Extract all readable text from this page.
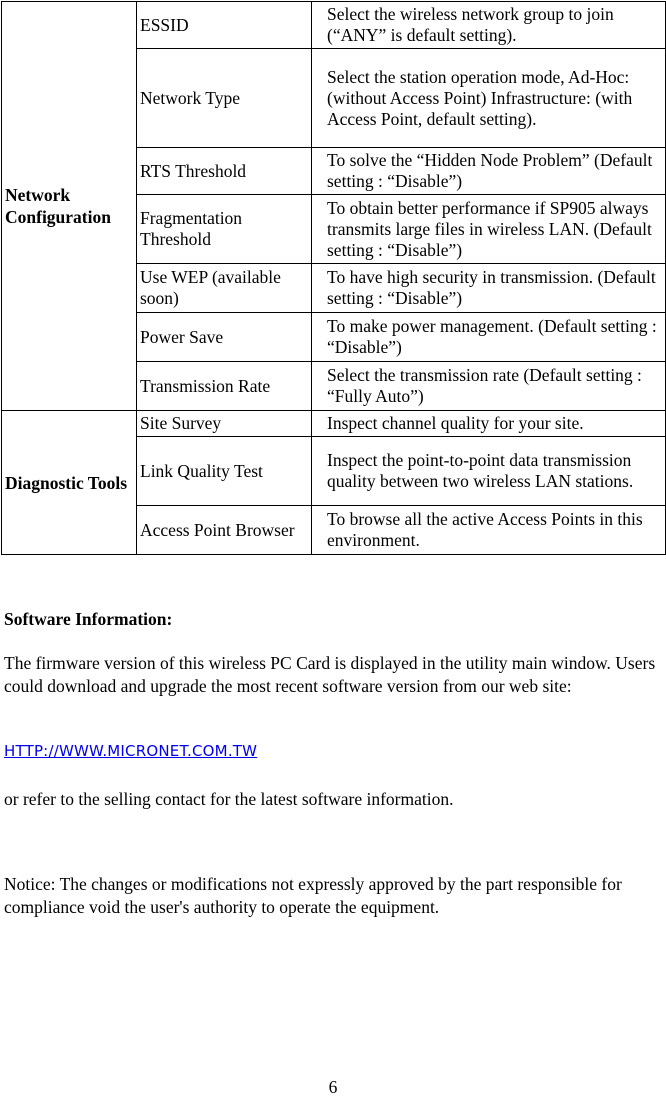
Network Configuration	ESSID	Select the wireless network group to join (“ANY” is default setting).
	Network Type	Select the station operation mode, Ad-Hoc: (without Access Point) Infrastructure: (with Access Point, default setting).
	RTS Threshold	To solve the “Hidden Node Problem” (Default setting : “Disable”)
	Fragmentation Threshold	To obtain better performance if SP905 always transmits large files in wireless LAN. (Default setting : “Disable”)
	Use WEP (available soon)	To have high security in transmission. (Default setting : “Disable”)
	Power Save	To make power management. (Default setting : “Disable”)
	Transmission Rate	Select the transmission rate (Default setting : “Fully Auto”)
Diagnostic Tools	Site Survey	Inspect channel quality for your site.
	Link Quality Test	Inspect the point-to-point data transmission quality between two wireless LAN stations.
	Access Point Browser	To browse all the active Access Points in this environment.
Software Information:

The firmware version of this wireless PC Card is displayed in the utility main window. Users could download and upgrade the most recent software version from our web site:

HTTP://WWW.MICRONET.COM.TW

or refer to the selling contact for the latest software information.

Notice: The changes or modifications not expressly approved by the part responsible for compliance void the user's authority to operate the equipment.

6
